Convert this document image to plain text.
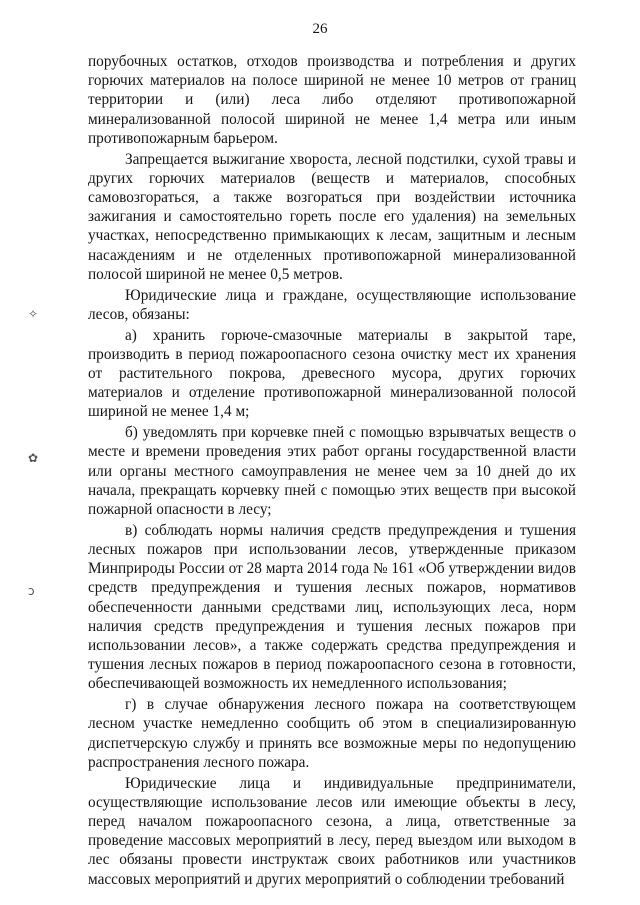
26
✧
✿
ↄ

порубочных остатков, отходов производства и потребления и других горючих материалов на полосе шириной не менее 10 метров от границ территории и (или) леса либо отделяют противопожарной минерализованной полосой шириной не менее 1,4 метра или иным противопожарным барьером.

Запрещается выжигание хвороста, лесной подстилки, сухой травы и других горючих материалов (веществ и материалов, способных самовозгораться, а также возгораться при воздействии источника зажигания и самостоятельно гореть после его удаления) на земельных участках, непосредственно примыкающих к лесам, защитным и лесным насаждениям и не отделенных противопожарной минерализованной полосой шириной не менее 0,5 метров.

Юридические лица и граждане, осуществляющие использование лесов, обязаны:

а) хранить горюче-смазочные материалы в закрытой таре, производить в период пожароопасного сезона очистку мест их хранения от растительного покрова, древесного мусора, других горючих материалов и отделение противопожарной минерализованной полосой шириной не менее 1,4 м;

б) уведомлять при корчевке пней с помощью взрывчатых веществ о месте и времени проведения этих работ органы государственной власти или органы местного самоуправления не менее чем за 10 дней до их начала, прекращать корчевку пней с помощью этих веществ при высокой пожарной опасности в лесу;

в) соблюдать нормы наличия средств предупреждения и тушения лесных пожаров при использовании лесов, утвержденные приказом Минприроды России от 28 марта 2014 года № 161 «Об утверждении видов средств предупреждения и тушения лесных пожаров, нормативов обеспеченности данными средствами лиц, использующих леса, норм наличия средств предупреждения и тушения лесных пожаров при использовании лесов», а также содержать средства предупреждения и тушения лесных пожаров в период пожароопасного сезона в готовности, обеспечивающей возможность их немедленного использования;

г) в случае обнаружения лесного пожара на соответствующем лесном участке немедленно сообщить об этом в специализированную диспетчерскую службу и принять все возможные меры по недопущению распространения лесного пожара.

Юридические лица и индивидуальные предприниматели, осуществляющие использование лесов или имеющие объекты в лесу, перед началом пожароопасного сезона, а лица, ответственные за проведение массовых мероприятий в лесу, перед выездом или выходом в лес обязаны провести инструктаж своих работников или участников массовых мероприятий и других мероприятий о соблюдении требований
